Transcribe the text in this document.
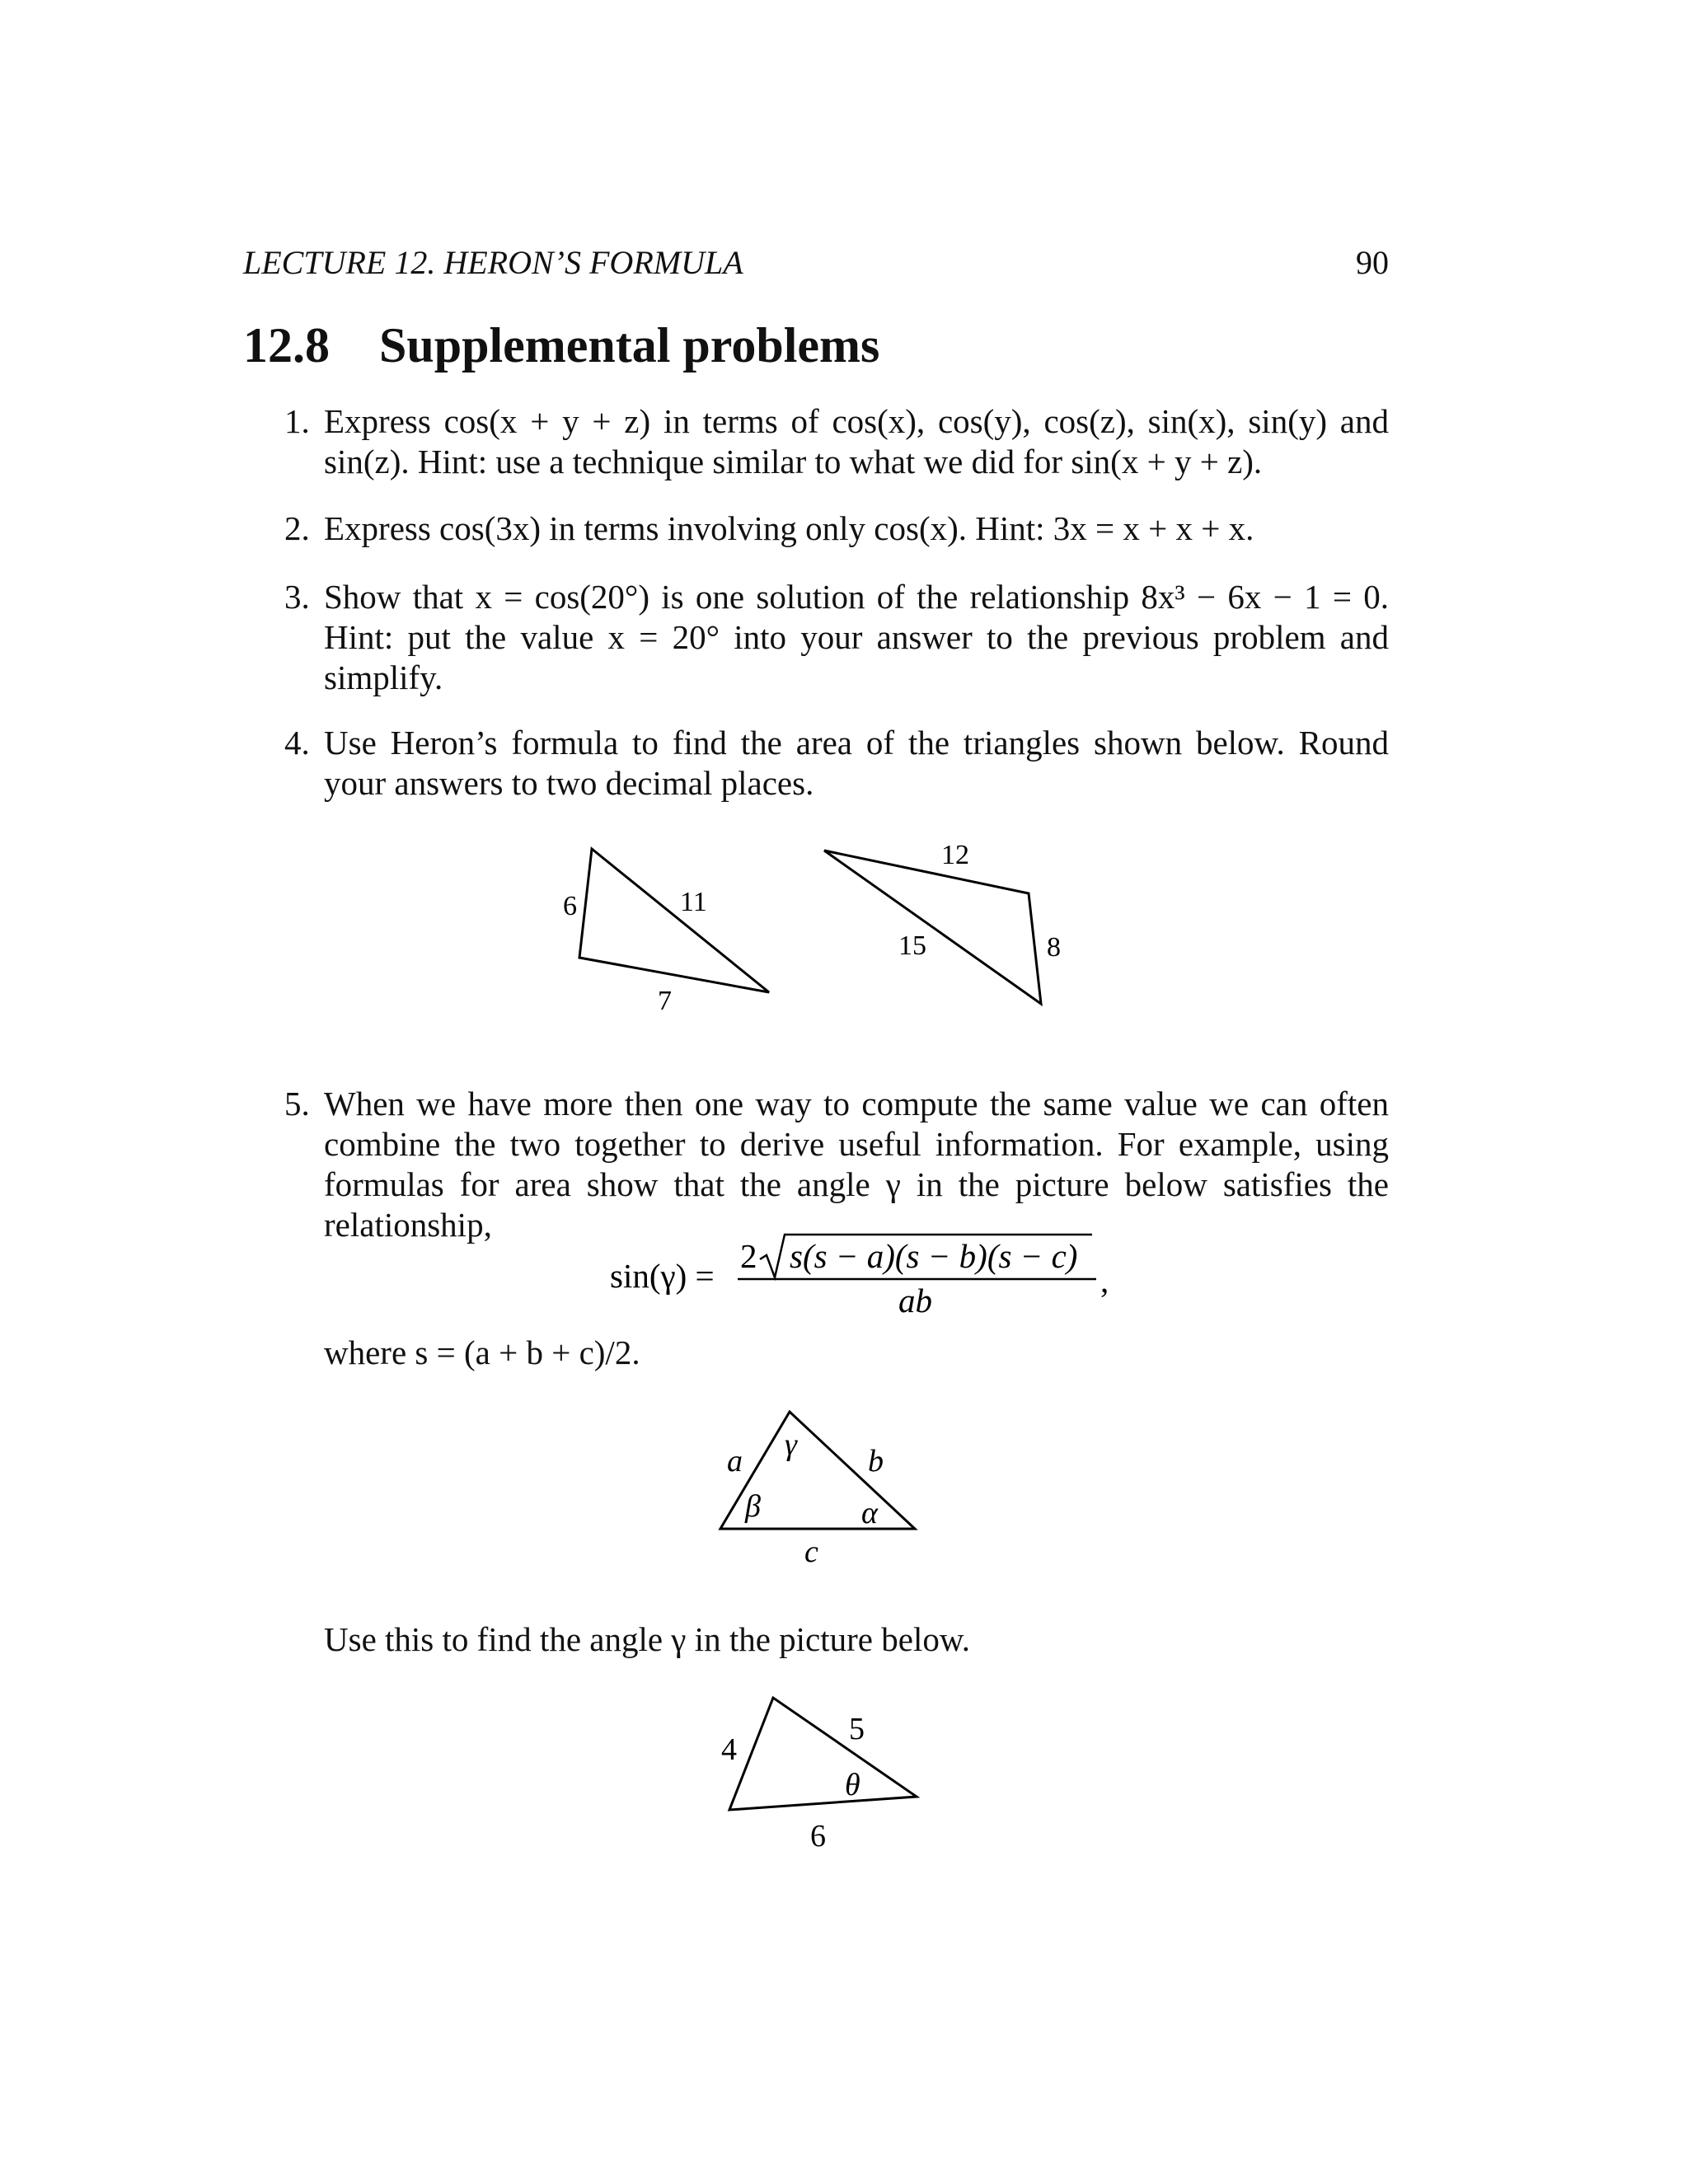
LECTURE 12. HERON’S FORMULA	90
12.8 Supplemental problems
1. Express cos(x + y + z) in terms of cos(x), cos(y), cos(z), sin(x), sin(y) and
sin(z). Hint: use a technique similar to what we did for sin(x + y + z).
2. Express cos(3x) in terms involving only cos(x). Hint: 3x = x + x + x.
3. Show that x = cos(20°) is one solution of the relationship 8x³ − 6x − 1 = 0.
Hint: put the value x = 20° into your answer to the previous problem and
simplify.
4. Use Heron’s formula to find the area of the triangles shown below. Round
your answers to two decimal places.
6	11
7
12
15	8
5. When we have more then one way to compute the same value we can often
combine the two together to derive useful information. For example, using
formulas for area show that the angle γ in the picture below satisfies the
relationship,
sin(γ) =
2 s(s − a)(s − b)(s − c)
ab
,
where s = (a + b + c)/2.
a	b
c
γ
β	α
Use this to find the angle γ in the picture below.
4
5
6
θ
